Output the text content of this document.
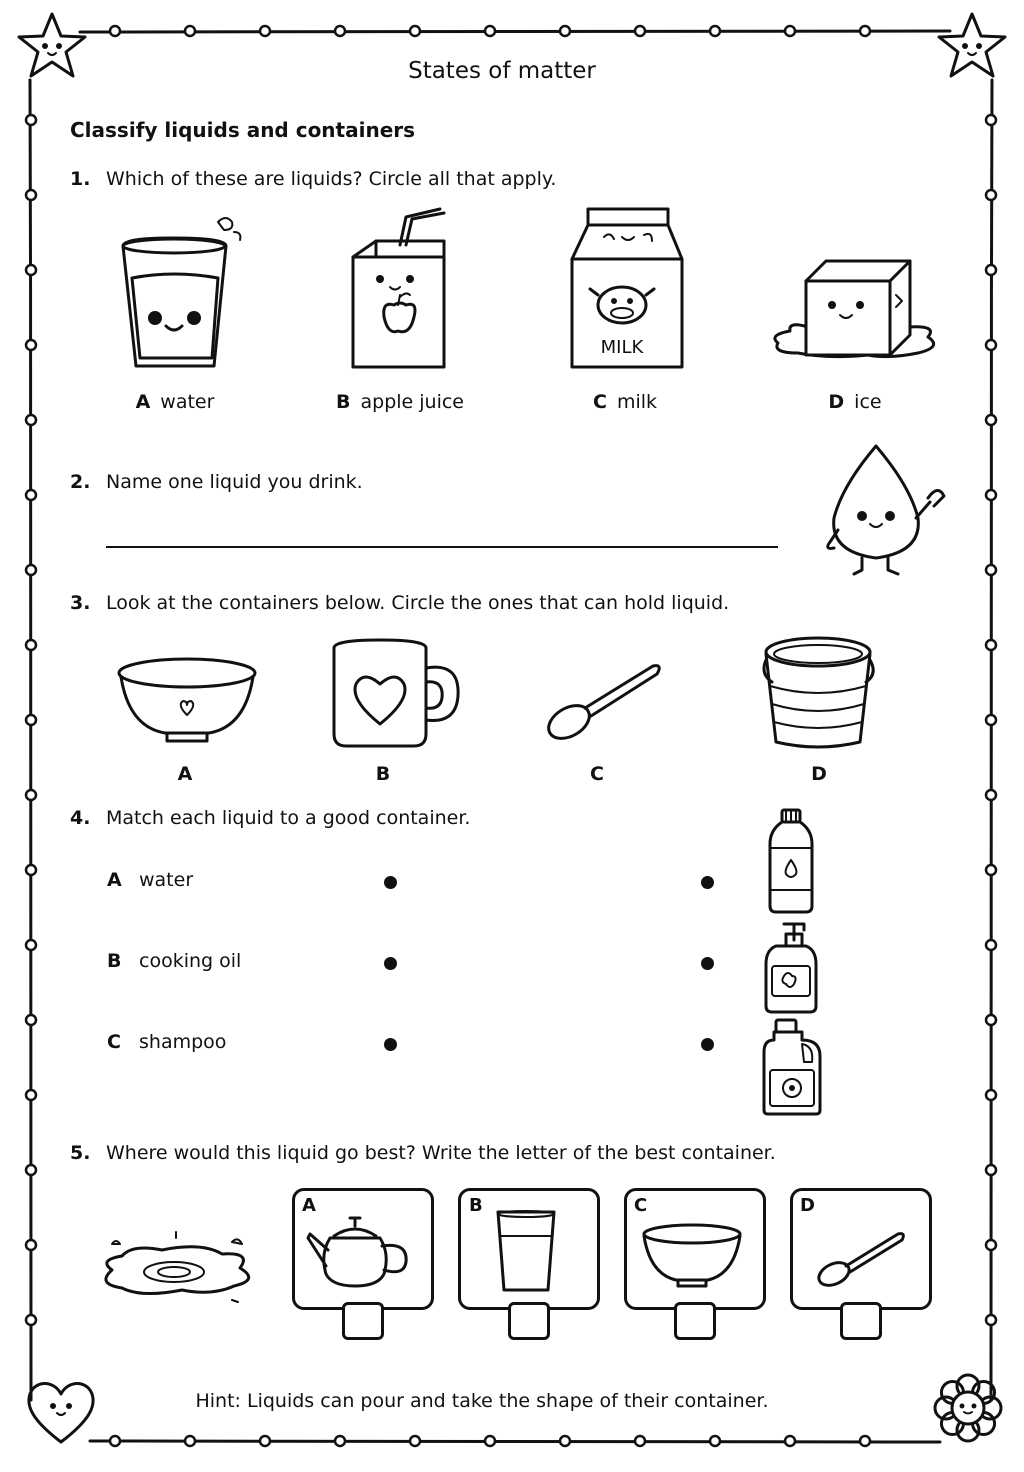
States of matter
Classify liquids and containers
1. Which of these are liquids? Circle all that apply.
MILK
A water	B apple juice	C milk	D ice
2. Name one liquid you drink.
3. Look at the containers below. Circle the ones that can hold liquid.
A	B	C	D
4. Match each liquid to a good container.
A water
B cooking oil
C shampoo
5. Where would this liquid go best? Write the letter of the best container.
A	B	C	D
Hint: Liquids can pour and take the shape of their container.
